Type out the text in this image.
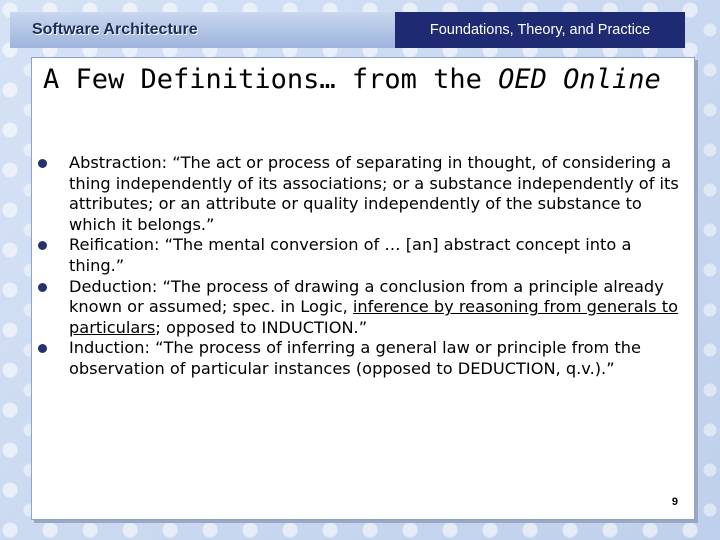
Software Architecture	Foundations, Theory, and Practice
A Few Definitions… from the OED Online
Abstraction: “The act or process of separating in thought, of considering a thing independently of its associations; or a substance independently of its attributes; or an attribute or quality independently of the substance to which it belongs.”
Reification: “The mental conversion of … [an] abstract concept into a thing.”
Deduction: “The process of drawing a conclusion from a principle already known or assumed; spec. in Logic, inference by reasoning from generals to particulars; opposed to INDUCTION.”
Induction: “The process of inferring a general law or principle from the observation of particular instances (opposed to DEDUCTION, q.v.).”
9
